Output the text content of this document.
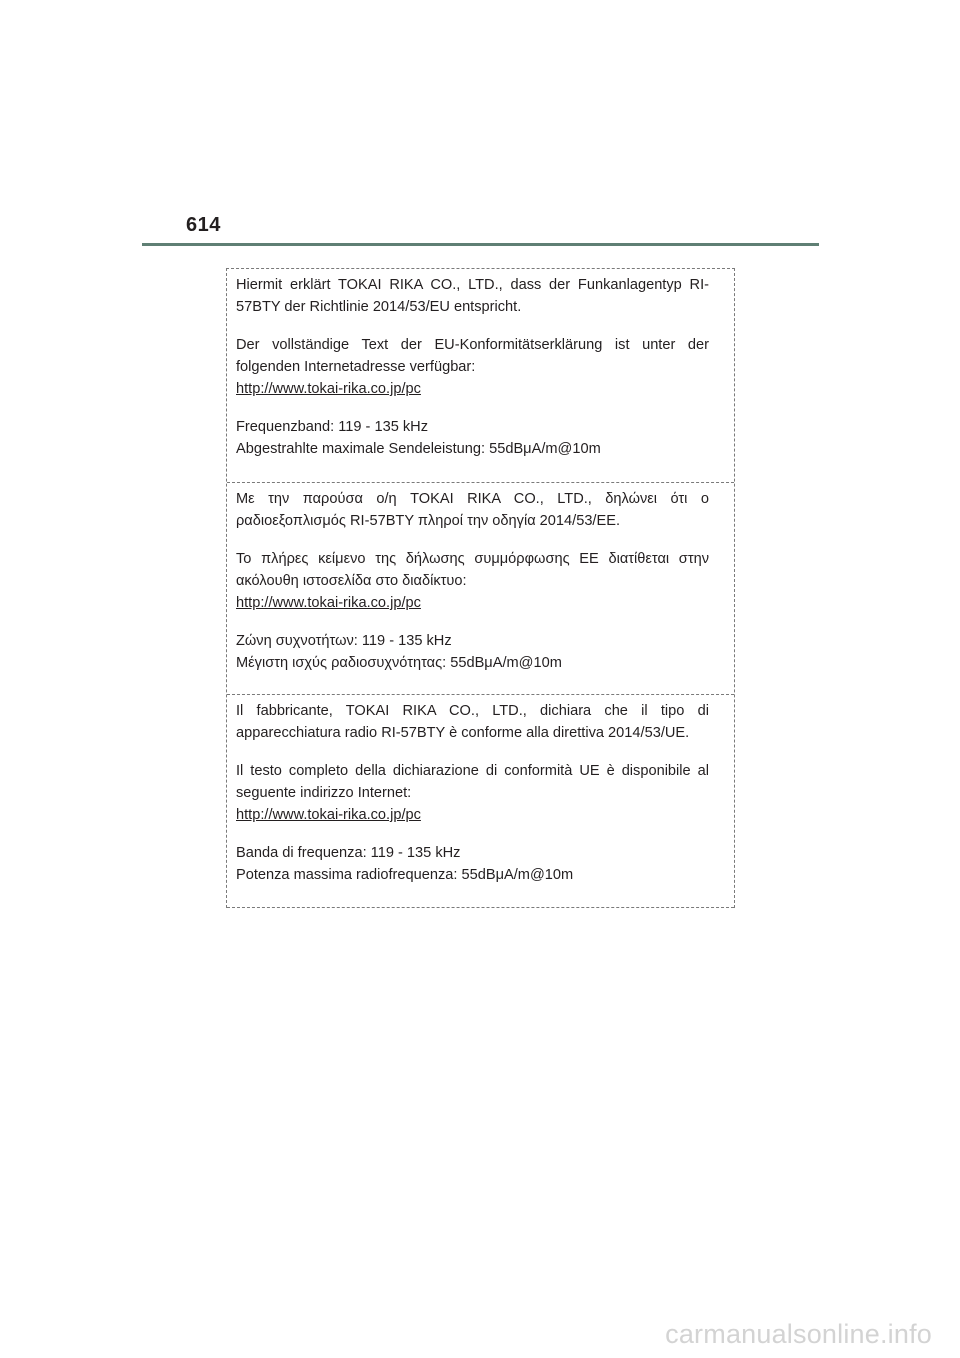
614

Hiermit erklärt TOKAI RIKA CO., LTD., dass der Funkanlagentyp RI-57BTY der Richtlinie 2014/53/EU entspricht.

Der vollständige Text der EU-Konformitätserklärung ist unter der folgenden Internetadresse verfügbar:

http://www.tokai-rika.co.jp/pc

Frequenzband: 119 - 135 kHz

Abgestrahlte maximale Sendeleistung: 55dBμA/m@10m

Με την παρούσα ο/η TOKAI RIKA CO., LTD., δηλώνει ότι ο ραδιοεξοπλισμός RI-57BTY πληροί την οδηγία 2014/53/ΕΕ.

Το πλήρες κείμενο της δήλωσης συμμόρφωσης ΕΕ διατίθεται στην ακόλουθη ιστοσελίδα στο διαδίκτυο:

http://www.tokai-rika.co.jp/pc

Ζώνη συχνοτήτων: 119 - 135 kHz

Μέγιστη ισχύς ραδιοσυχνότητας: 55dBμA/m@10m

Il fabbricante, TOKAI RIKA CO., LTD., dichiara che il tipo di apparecchiatura radio RI-57BTY è conforme alla direttiva 2014/53/UE.

Il testo completo della dichiarazione di conformità UE è disponibile al seguente indirizzo Internet:

http://www.tokai-rika.co.jp/pc

Banda di frequenza: 119 - 135 kHz

Potenza massima radiofrequenza: 55dBμA/m@10m

carmanualsonline.info
